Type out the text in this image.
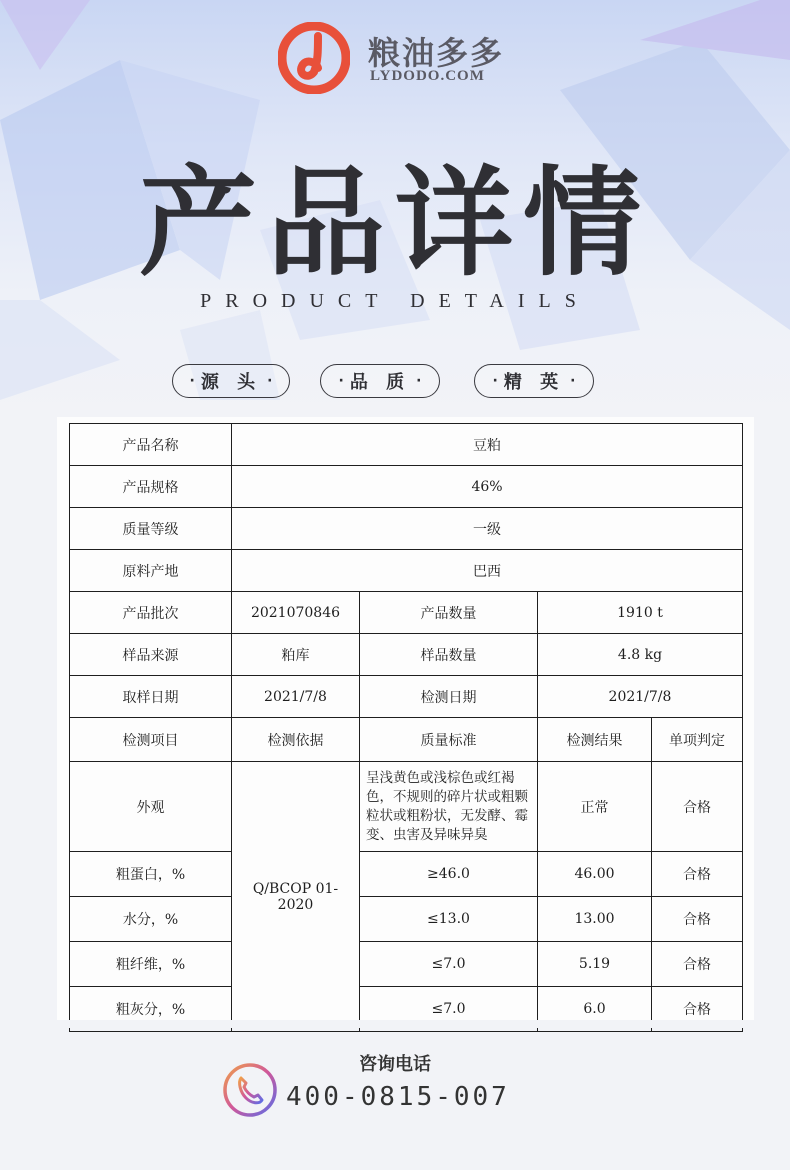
粮油多多
LYDODO.COM
产品详情
PRODUCT DETAILS
· 源 头 ·	· 品 质 ·	· 精 英 ·
产品名称	豆粕			
产品规格	46%			
质量等级	一级			
原料产地	巴西			
产品批次	2021070846	产品数量	1910 t	
样品来源	粕库	样品数量	4.8 kg	
取样日期	2021/7/8	检测日期	2021/7/8	
检测项目	检测依据	质量标准	检测结果	单项判定
外观	Q/BCOP 01-2020	呈浅黄色或浅棕色或红褐色，不规则的碎片状或粗颗粒状或粗粉状，无发酵、霉变、虫害及异味异臭	正常	合格
粗蛋白，%		≥46.0	46.00	合格
水分，%		≤13.0	13.00	合格
粗纤维，%		≤7.0	5.19	合格
粗灰分，%		≤7.0	6.0	合格
咨询电话
400-0815-007
